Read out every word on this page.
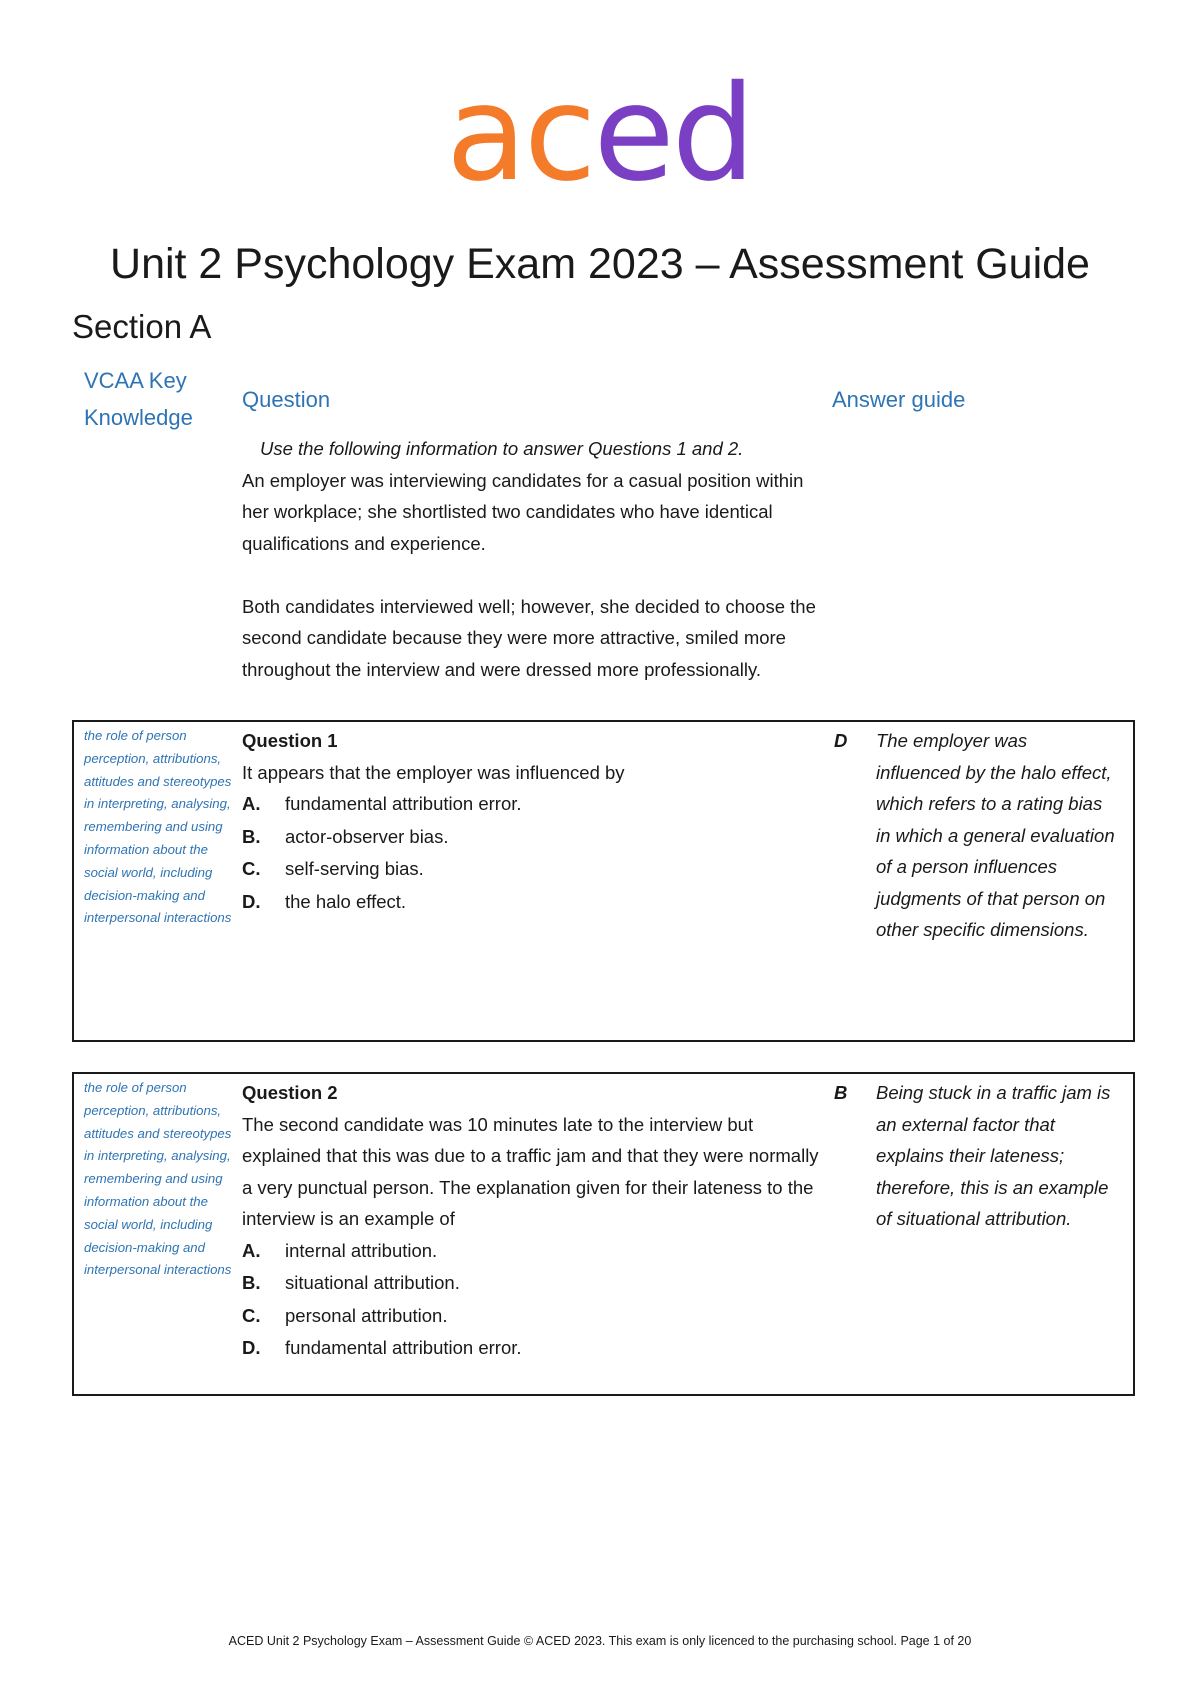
aced
Unit 2 Psychology Exam 2023 – Assessment Guide
Section A
VCAA Key Knowledge
Question	Answer guide

Use the following information to answer Questions 1 and 2.

An employer was interviewing candidates for a casual position within her workplace; she shortlisted two candidates who have identical qualifications and experience.

Both candidates interviewed well; however, she decided to choose the second candidate because they were more attractive, smiled more throughout the interview and were dressed more professionally.

the role of person perception, attributions, attitudes and stereotypes in interpreting, analysing, remembering and using information about the social world, including decision-making and interpersonal interactions
Question 1
It appears that the employer was influenced by
A. fundamental attribution error.
B. actor-observer bias.
C. self-serving bias.
D. the halo effect.
D The employer was influenced by the halo effect, which refers to a rating bias in which a general evaluation of a person influences judgments of that person on other specific dimensions.
the role of person perception, attributions, attitudes and stereotypes in interpreting, analysing, remembering and using information about the social world, including decision-making and interpersonal interactions
Question 2
The second candidate was 10 minutes late to the interview but explained that this was due to a traffic jam and that they were normally a very punctual person. The explanation given for their lateness to the interview is an example of
A. internal attribution.
B. situational attribution.
C. personal attribution.
D. fundamental attribution error.
B Being stuck in a traffic jam is an external factor that explains their lateness; therefore, this is an example of situational attribution.
ACED Unit 2 Psychology Exam – Assessment Guide © ACED 2023. This exam is only licenced to the purchasing school. Page 1 of 20
